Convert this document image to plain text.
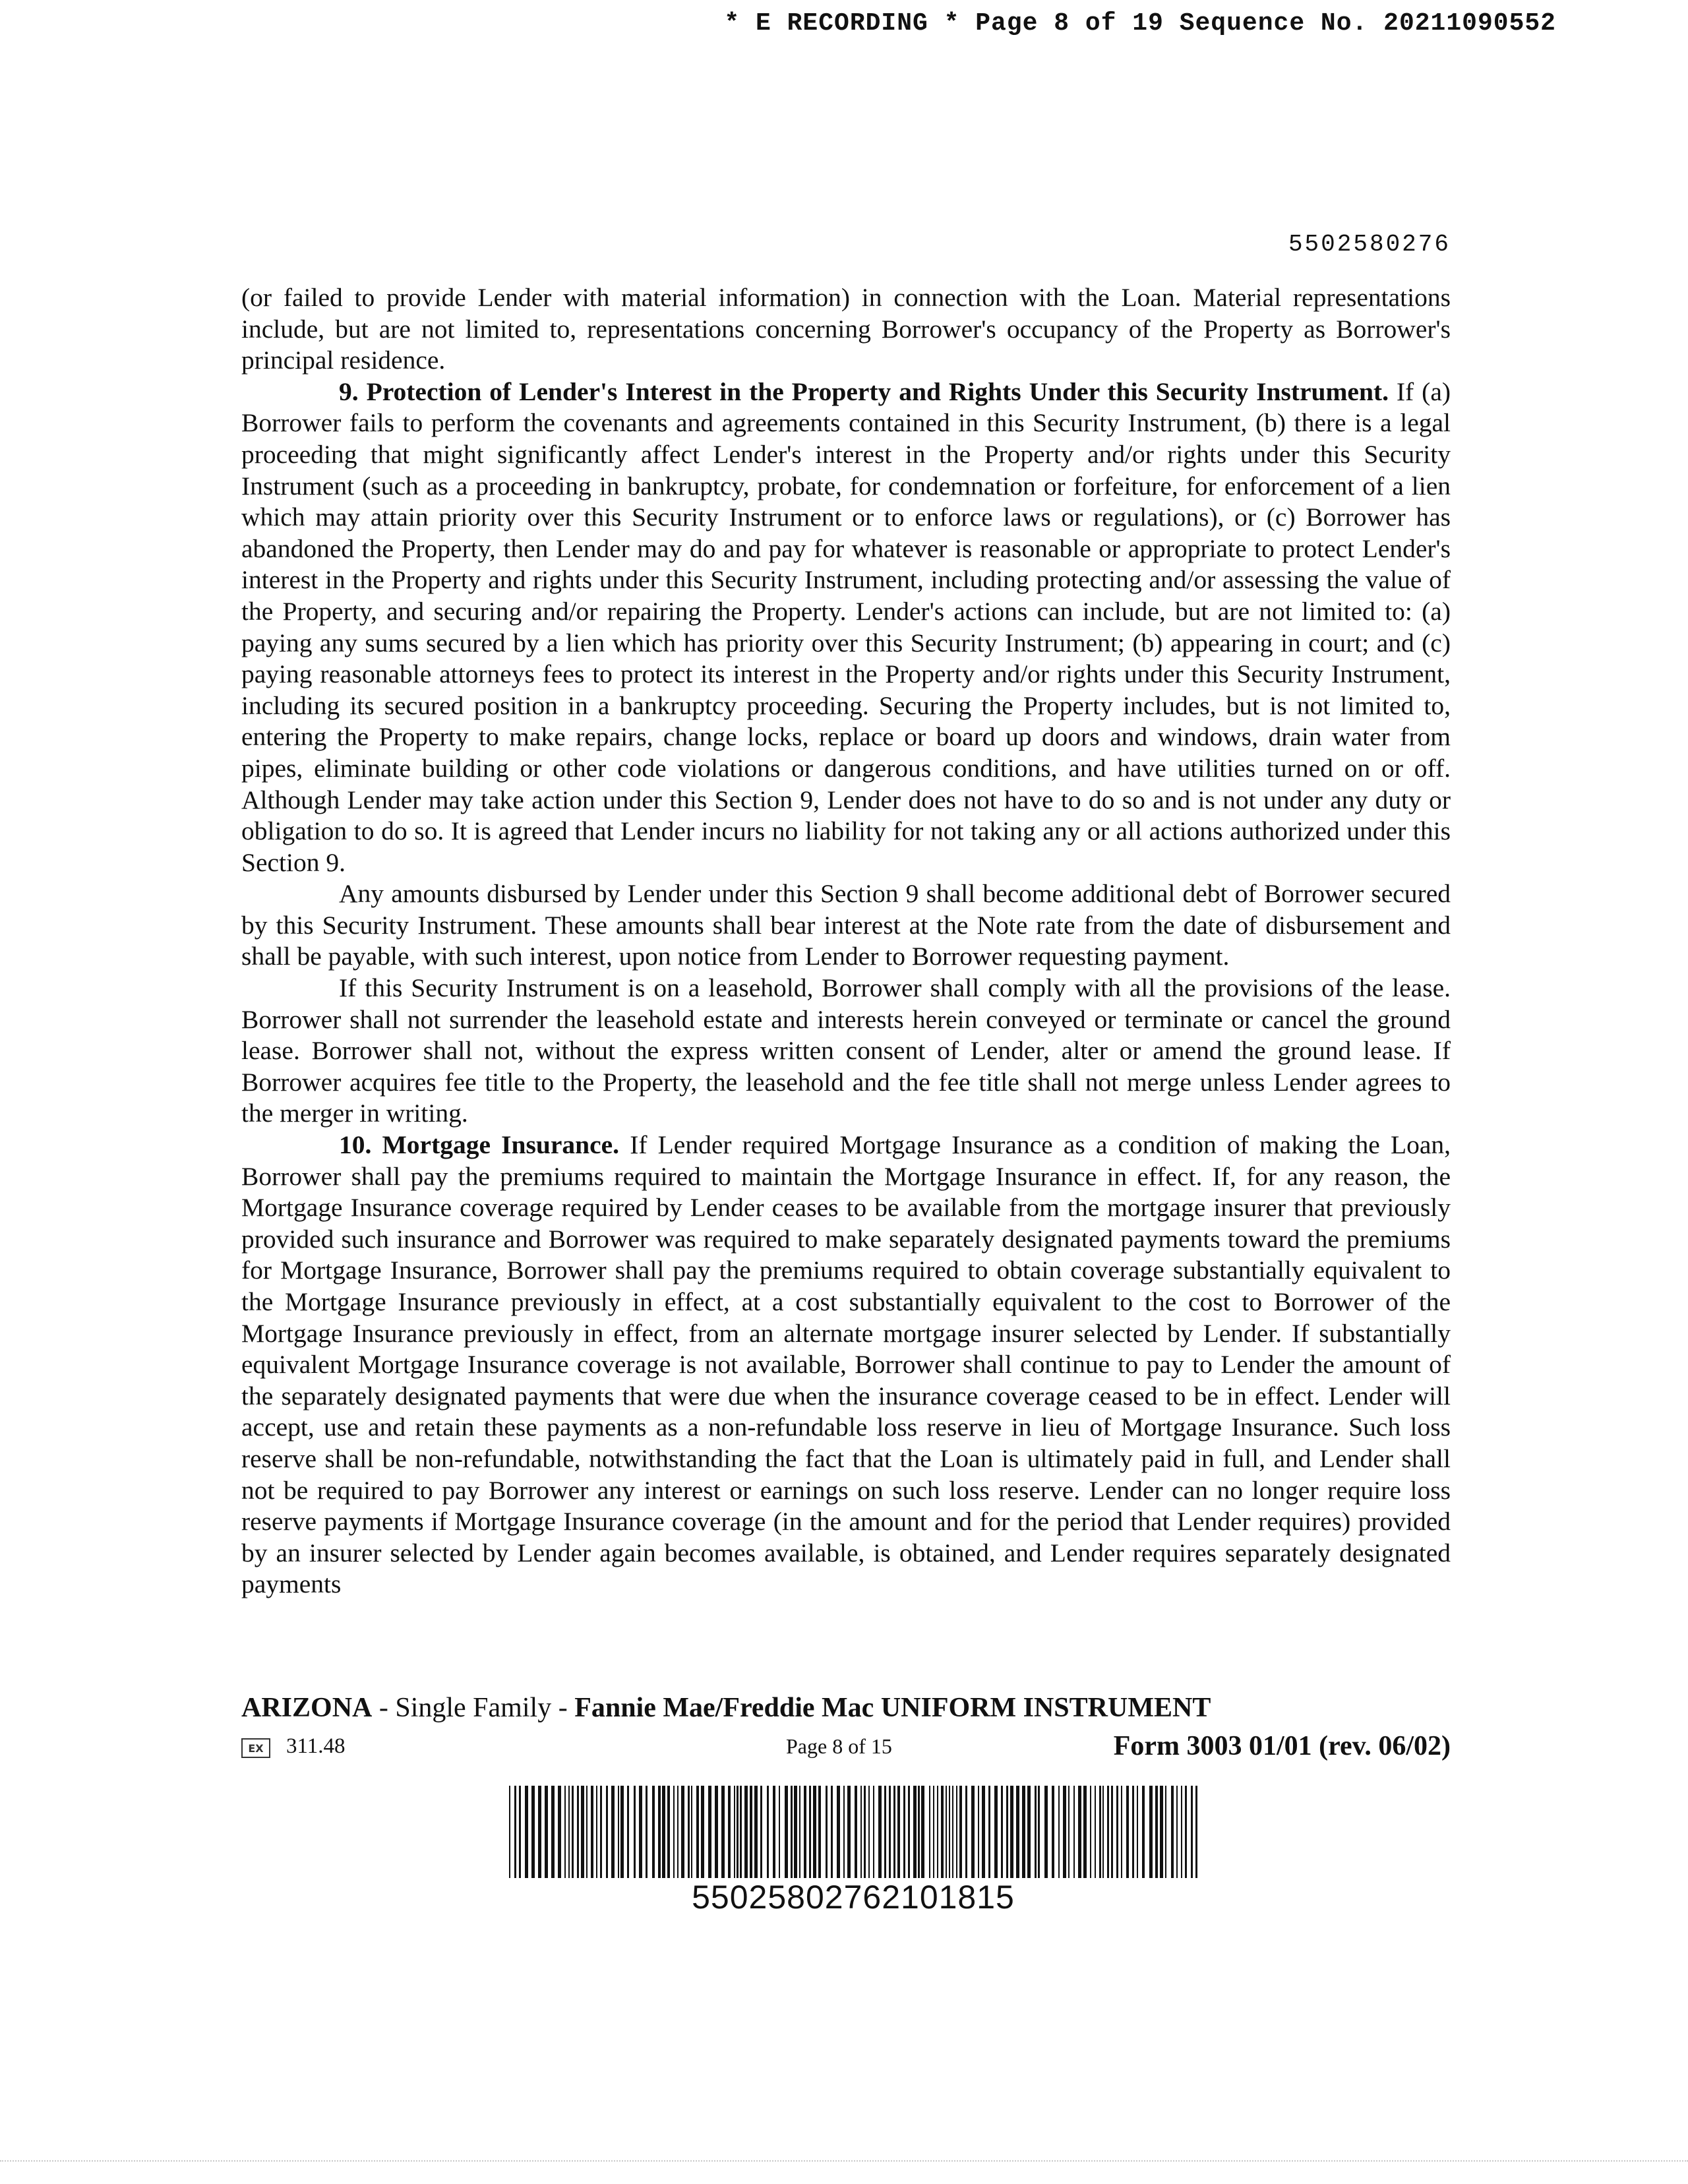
* E RECORDING * Page 8 of 19 Sequence No. 20211090552
5502580276

(or failed to provide Lender with material information) in connection with the Loan. Material representations include, but are not limited to, representations concerning Borrower's occupancy of the Property as Borrower's principal residence.

9. Protection of Lender's Interest in the Property and Rights Under this Security Instrument. If (a) Borrower fails to perform the covenants and agreements contained in this Security Instrument, (b) there is a legal proceeding that might significantly affect Lender's interest in the Property and/or rights under this Security Instrument (such as a proceeding in bankruptcy, probate, for condemnation or forfeiture, for enforcement of a lien which may attain priority over this Security Instrument or to enforce laws or regulations), or (c) Borrower has abandoned the Property, then Lender may do and pay for whatever is reasonable or appropriate to protect Lender's interest in the Property and rights under this Security Instrument, including protecting and/or assessing the value of the Property, and securing and/or repairing the Property. Lender's actions can include, but are not limited to: (a) paying any sums secured by a lien which has priority over this Security Instrument; (b) appearing in court; and (c) paying reasonable attorneys fees to protect its interest in the Property and/or rights under this Security Instrument, including its secured position in a bankruptcy proceeding. Securing the Property includes, but is not limited to, entering the Property to make repairs, change locks, replace or board up doors and windows, drain water from pipes, eliminate building or other code violations or dangerous conditions, and have utilities turned on or off. Although Lender may take action under this Section 9, Lender does not have to do so and is not under any duty or obligation to do so. It is agreed that Lender incurs no liability for not taking any or all actions authorized under this Section 9.

Any amounts disbursed by Lender under this Section 9 shall become additional debt of Borrower secured by this Security Instrument. These amounts shall bear interest at the Note rate from the date of disbursement and shall be payable, with such interest, upon notice from Lender to Borrower requesting payment.

If this Security Instrument is on a leasehold, Borrower shall comply with all the provisions of the lease. Borrower shall not surrender the leasehold estate and interests herein conveyed or terminate or cancel the ground lease. Borrower shall not, without the express written consent of Lender, alter or amend the ground lease. If Borrower acquires fee title to the Property, the leasehold and the fee title shall not merge unless Lender agrees to the merger in writing.

10. Mortgage Insurance. If Lender required Mortgage Insurance as a condition of making the Loan, Borrower shall pay the premiums required to maintain the Mortgage Insurance in effect. If, for any reason, the Mortgage Insurance coverage required by Lender ceases to be available from the mortgage insurer that previously provided such insurance and Borrower was required to make separately designated payments toward the premiums for Mortgage Insurance, Borrower shall pay the premiums required to obtain coverage substantially equivalent to the Mortgage Insurance previously in effect, at a cost substantially equivalent to the cost to Borrower of the Mortgage Insurance previously in effect, from an alternate mortgage insurer selected by Lender. If substantially equivalent Mortgage Insurance coverage is not available, Borrower shall continue to pay to Lender the amount of the separately designated payments that were due when the insurance coverage ceased to be in effect. Lender will accept, use and retain these payments as a non-refundable loss reserve in lieu of Mortgage Insurance. Such loss reserve shall be non-refundable, notwithstanding the fact that the Loan is ultimately paid in full, and Lender shall not be required to pay Borrower any interest or earnings on such loss reserve. Lender can no longer require loss reserve payments if Mortgage Insurance coverage (in the amount and for the period that Lender requires) provided by an insurer selected by Lender again becomes available, is obtained, and Lender requires separately designated payments

ARIZONA - Single Family - Fannie Mae/Freddie Mac UNIFORM INSTRUMENT
EX	311.48	Page 8 of 15	Form 3003 01/01 (rev. 06/02)
55025802762101815
